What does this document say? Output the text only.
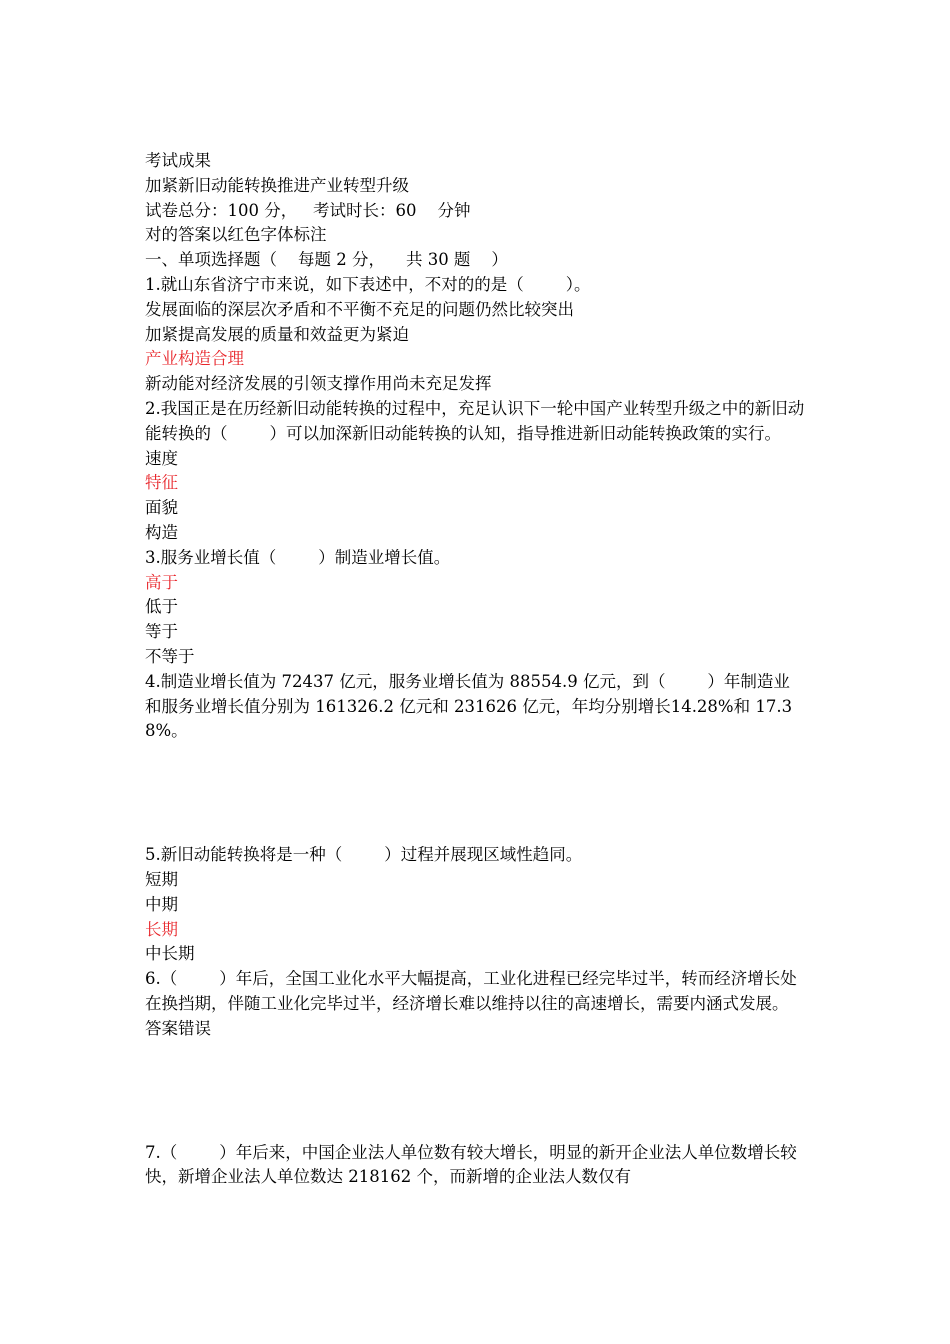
考试成果
加紧新旧动能转换推进产业转型升级
试卷总分：100 分，   考试时长：60    分钟
对的答案以红色字体标注
一、单项选择题（    每题 2 分，    共 30 题    ）
1.就山东省济宁市来说，如下表述中，不对的的是（        ）。
发展面临的深层次矛盾和不平衡不充足的问题仍然比较突出
加紧提高发展的质量和效益更为紧迫
产业构造合理
新动能对经济发展的引领支撑作用尚未充足发挥
2.我国正是在历经新旧动能转换的过程中，充足认识下一轮中国产业转型升级之中的新旧动能转换的（        ）可以加深新旧动能转换的认知，指导推进新旧动能转换政策的实行。
速度
特征
面貌
构造
3.服务业增长值（        ）制造业增长值。
高于
低于
等于
不等于
4.制造业增长值为 72437 亿元，服务业增长值为 88554.9 亿元，到（        ）年制造业和服务业增长值分别为 161326.2 亿元和 231626 亿元，年均分别增长14.28%和 17.38%。
5.新旧动能转换将是一种（        ）过程并展现区域性趋同。
短期
中期
长期
中长期
6.（        ）年后，全国工业化水平大幅提高，工业化进程已经完毕过半，转而经济增长处在换挡期，伴随工业化完毕过半，经济增长难以维持以往的高速增长，需要内涵式发展。    答案错误
7.（        ）年后来，中国企业法人单位数有较大增长，明显的新开企业法人单位数增长较快，新增企业法人单位数达 218162 个，而新增的企业法人数仅有
